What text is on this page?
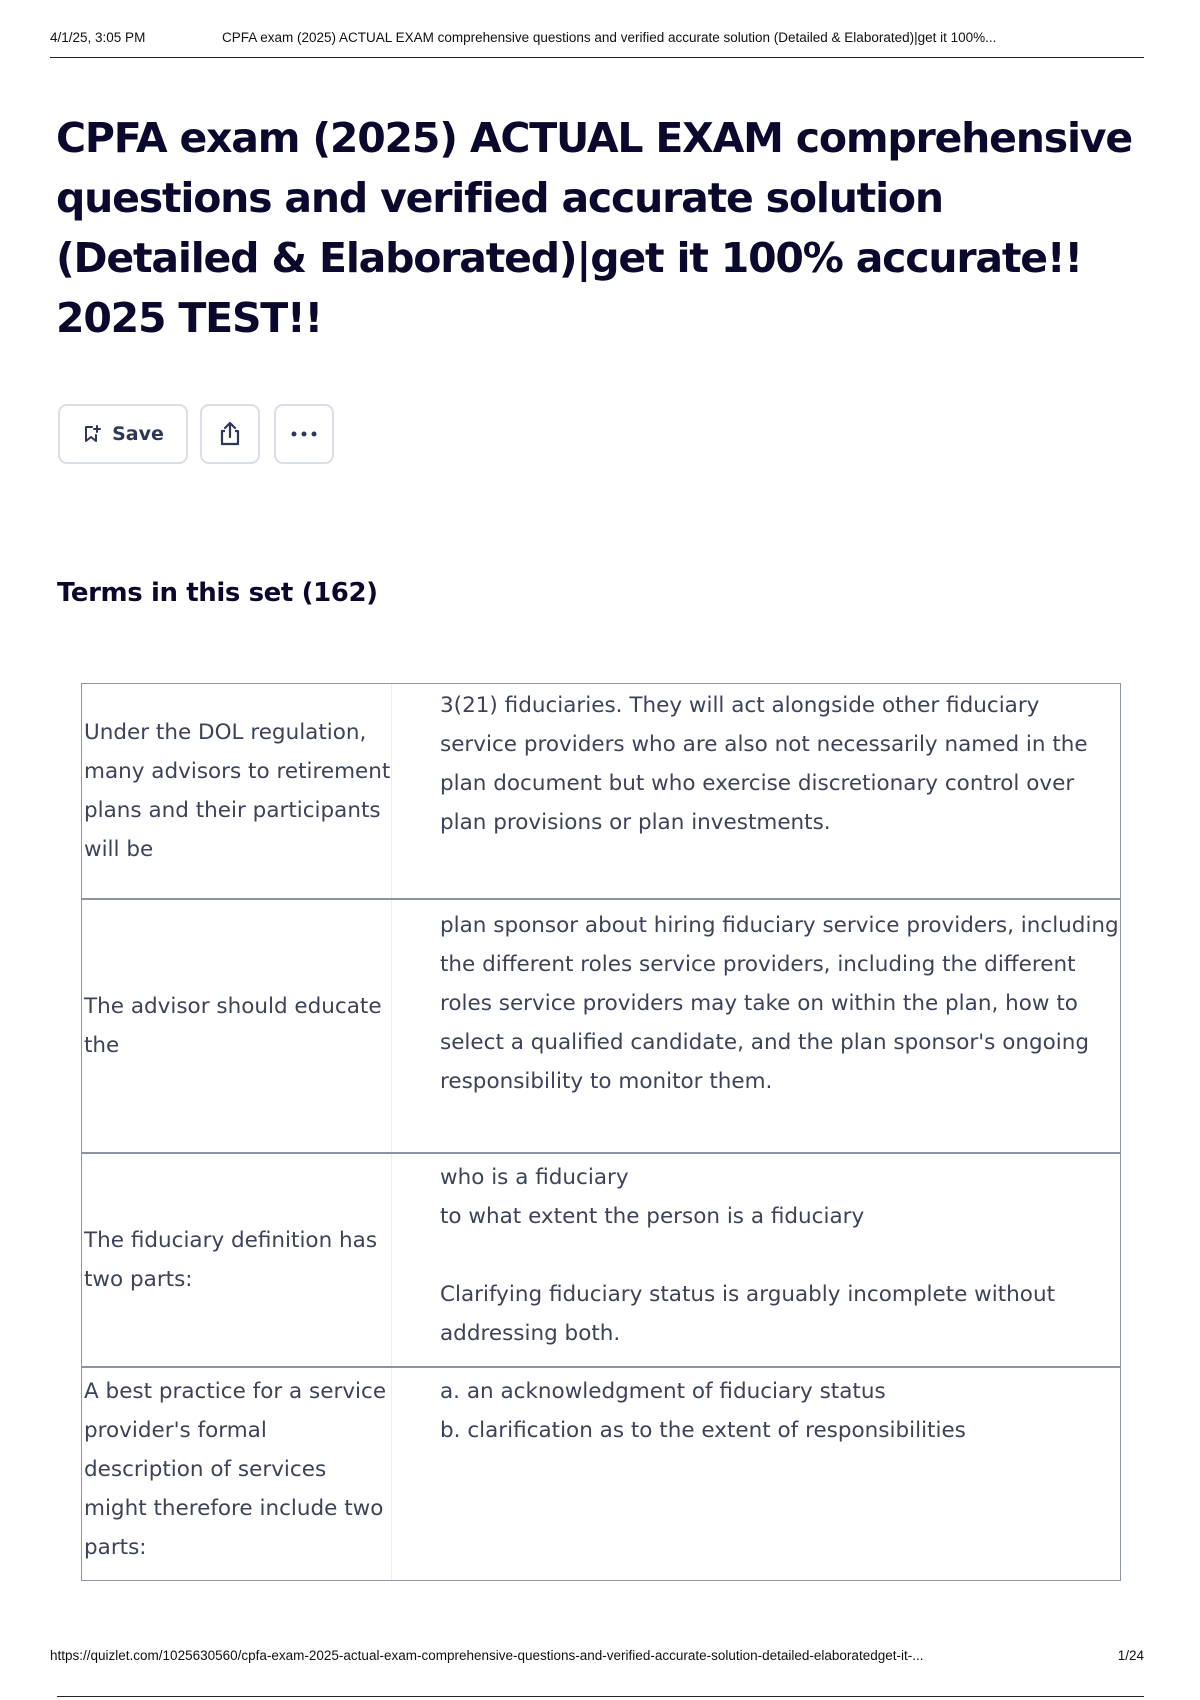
4/1/25, 3:05 PM	CPFA exam (2025) ACTUAL EXAM comprehensive questions and verified accurate solution (Detailed & Elaborated)|get it 100%...
CPFA exam (2025) ACTUAL EXAM comprehensive questions and verified accurate solution (Detailed & Elaborated)|get it 100% accurate!! 2025 TEST!!
Save
Terms in this set (162)
Under the DOL regulation, many advisors to retirement plans and their participants will be
3(21) fiduciaries. They will act alongside other fiduciary service providers who are also not necessarily named in the plan document but who exercise discretionary control over plan provisions or plan investments.
The advisor should educate the
plan sponsor about hiring fiduciary service providers, including the different roles service providers, including the different roles service providers may take on within the plan, how to select a qualified candidate, and the plan sponsor's ongoing responsibility to monitor them.
The fiduciary definition has two parts:
who is a fiduciary
to what extent the person is a fiduciary

Clarifying fiduciary status is arguably incomplete without addressing both.
A best practice for a service provider's formal description of services might therefore include two parts:
a. an acknowledgment of fiduciary status
b. clarification as to the extent of responsibilities
https://quizlet.com/1025630560/cpfa-exam-2025-actual-exam-comprehensive-questions-and-verified-accurate-solution-detailed-elaboratedget-it-...	1/24
